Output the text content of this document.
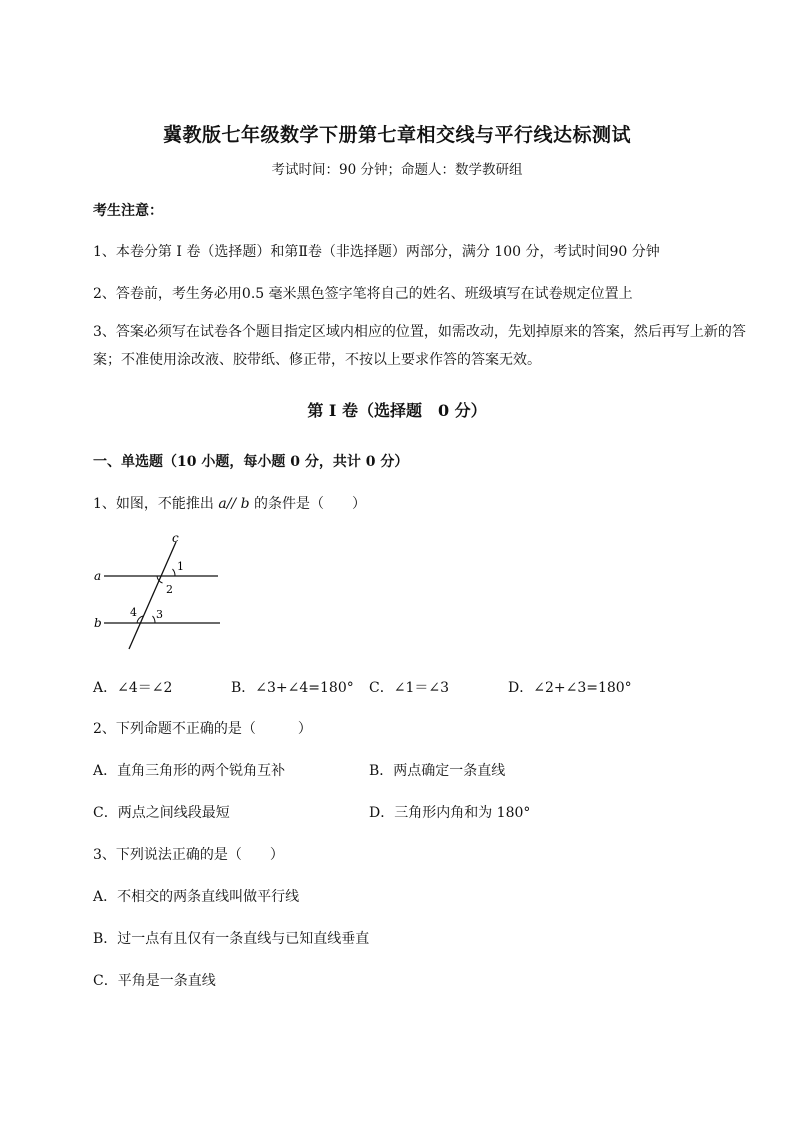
冀教版七年级数学下册第七章相交线与平行线达标测试
考试时间：90 分钟；命题人：数学教研组
考生注意：
1、本卷分第 I 卷（选择题）和第Ⅱ卷（非选择题）两部分，满分 100 分，考试时间90 分钟
2、答卷前，考生务必用0.5 毫米黑色签字笔将自己的姓名、班级填写在试卷规定位置上
3、答案必须写在试卷各个题目指定区域内相应的位置，如需改动，先划掉原来的答案，然后再写上新的答案；不准使用涂改液、胶带纸、修正带，不按以上要求作答的答案无效。
第 I 卷（选择题　0 分）
一、单选题（10 小题，每小题 0 分，共计 0 分）
1、如图，不能推出 a// b 的条件是（　　）
a
b
c
1
2
3
4
A．∠4＝∠2	B．∠3+∠4=180° C．∠1＝∠3	D．∠2+∠3=180°
2、下列命题不正确的是（　　　）
A．直角三角形的两个锐角互补	B．两点确定一条直线
C．两点之间线段最短	D．三角形内角和为 180°
3、下列说法正确的是（　　）
A．不相交的两条直线叫做平行线
B．过一点有且仅有一条直线与已知直线垂直
C．平角是一条直线
